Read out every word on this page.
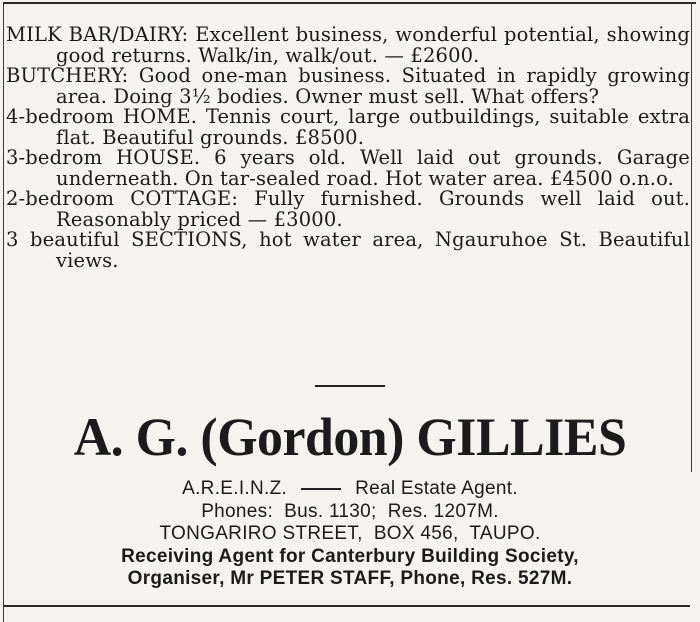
MILK BAR/DAIRY: Excellent business, wonderful potential, showing good returns. Walk/in, walk/out. — £2600.

BUTCHERY: Good one-man business. Situated in rapidly growing area. Doing 3½ bodies. Owner must sell. What offers?

4-bedroom HOME. Tennis court, large outbuildings, suitable extra flat. Beautiful grounds. £8500.

3-bedrom HOUSE. 6 years old. Well laid out grounds. Garage underneath. On tar-sealed road. Hot water area. £4500 o.n.o.

2-bedroom COTTAGE: Fully furnished. Grounds well laid out. Reasonably priced — £3000.

3 beautiful SECTIONS, hot water area, Ngauruhoe St. Beautiful views.

A. G. (Gordon) GILLIES
A.R.E.I.N.Z.	Real Estate Agent.
Phones:  Bus. 1130;  Res. 1207M.
TONGARIRO STREET,  BOX 456,  TAUPO.
Receiving Agent for Canterbury Building Society,
Organiser, Mr PETER STAFF, Phone, Res. 527M.
